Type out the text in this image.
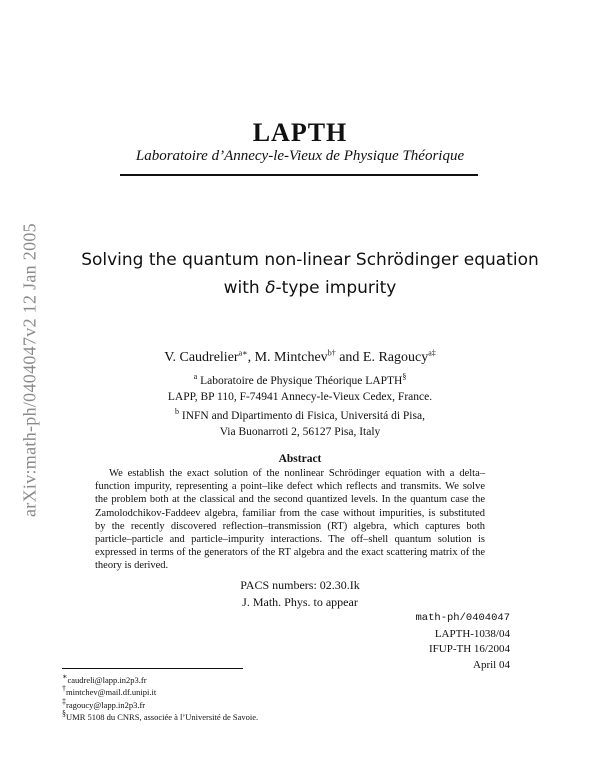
arXiv:math-ph/0404047v2 12 Jan 2005
LAPTH
Laboratoire d’Annecy-le-Vieux de Physique Théorique
Solving the quantum non-linear Schrödinger equation
with δ-type impurity
V. Caudrelier$^{a∗}$, M. Mintchev$^{b\dagger}$ and E. Ragoucy$^{a\ddagger}$
$^a$ Laboratoire de Physique Théorique LAPTH§
LAPP, BP 110, F-74941 Annecy-le-Vieux Cedex, France.
$^b$ INFN and Dipartimento di Fisica, Universitá di Pisa,
Via Buonarroti 2, 56127 Pisa, Italy
Abstract
We establish the exact solution of the nonlinear Schrödinger equation with a delta–function impurity, representing a point–like defect which reflects and transmits. We solve the problem both at the classical and the second quantized levels. In the quantum case the Zamolodchikov-Faddeev algebra, familiar from the case without impurities, is substituted by the recently discovered reflection–transmission (RT) algebra, which captures both particle–particle and particle–impurity interactions. The off–shell quantum solution is expressed in terms of the generators of the RT algebra and the exact scattering matrix of the theory is derived.
PACS numbers: 02.30.Ik
J. Math. Phys. to appear
math-ph/0404047
LAPTH-1038/04
IFUP-TH 16/2004
April 04
∗caudreli@lapp.in2p3.fr
†mintchev@mail.df.unipi.it
‡ragoucy@lapp.in2p3.fr
§UMR 5108 du CNRS, associée à l’Université de Savoie.
